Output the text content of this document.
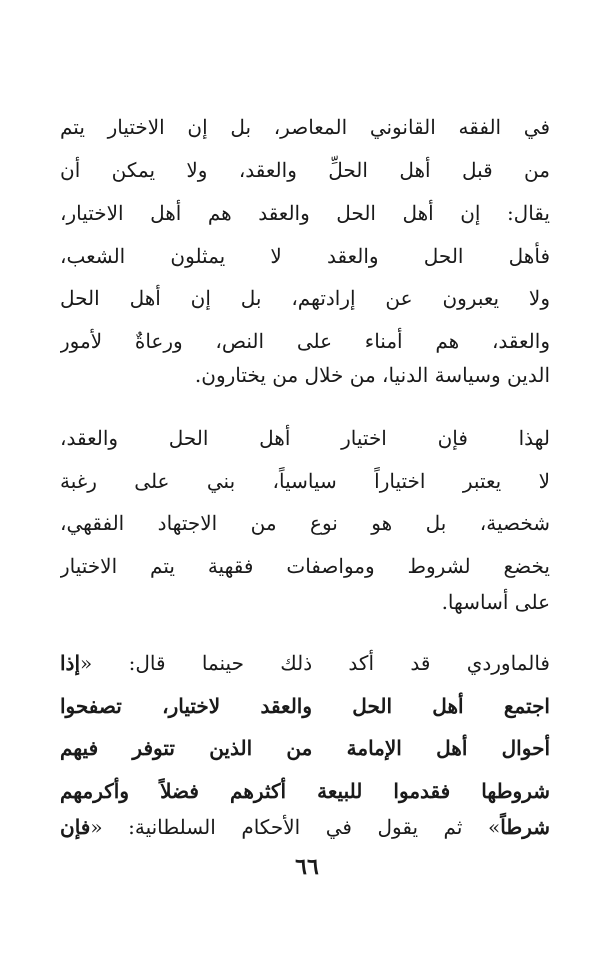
في الفقه القانوني المعاصر، بل إن الاختيار يتم
من قبل أهل الحلِّ والعقد، ولا يمكن أن
يقال: إن أهل الحل والعقد هم أهل الاختيار،
فأهل الحل والعقد لا يمثلون الشعب،
ولا يعبرون عن إرادتهم، بل إن أهل الحل
والعقد، هم أمناء على النص، ورعاةٌ لأمور
الدين وسياسة الدنيا، من خلال من يختارون.
لهذا فإن اختيار أهل الحل والعقد،
لا يعتبر اختياراً سياسياً، بني على رغبة
شخصية، بل هو نوع من الاجتهاد الفقهي،
يخضع لشروط ومواصفات فقهية يتم الاختيار
على أساسها.
فالماوردي قد أكد ذلك حينما قال: «إذا
اجتمع أهل الحل والعقد لاختيار، تصفحوا
أحوال أهل الإمامة من الذين تتوفر فيهم
شروطها فقدموا للبيعة أكثرهم فضلاً وأكرمهم
شرطاً» ثم يقول في الأحكام السلطانية: «فإن
٦٦
